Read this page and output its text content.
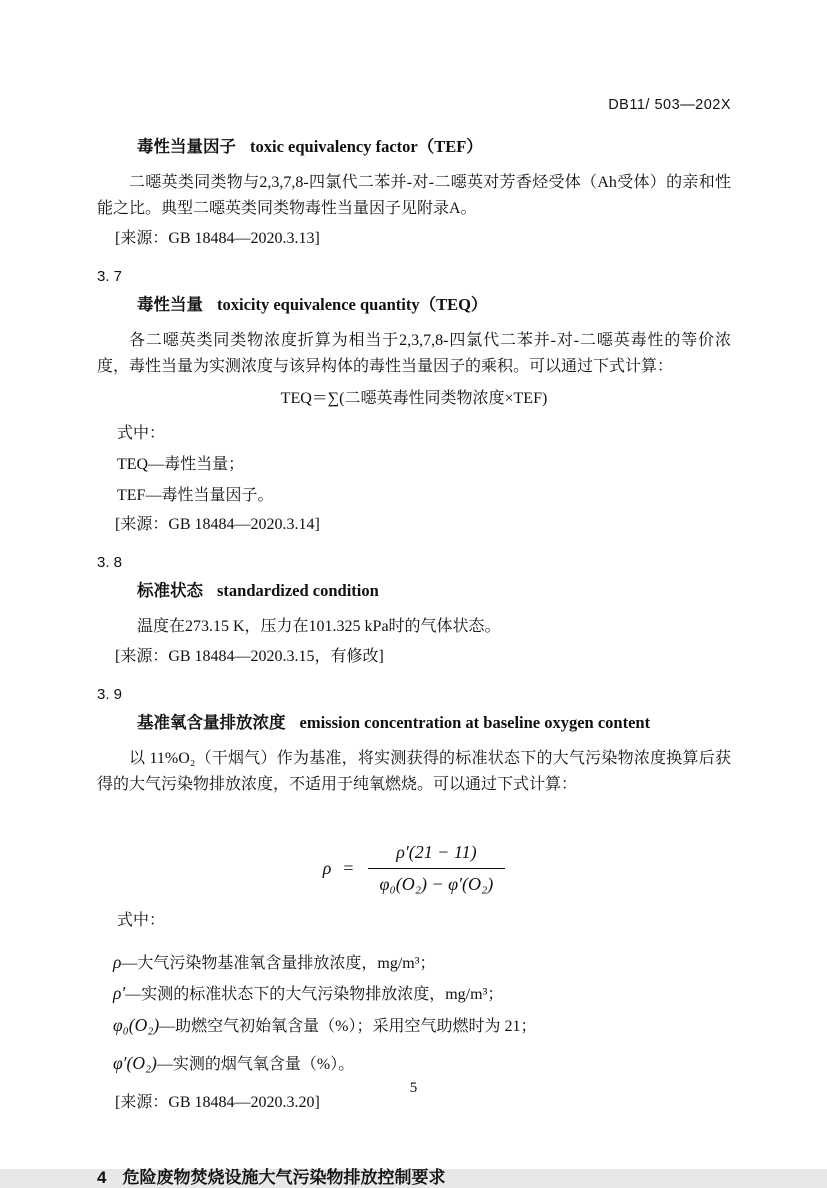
DB11/ 503—202X
毒性当量因子 toxic equivalency factor（TEF）

二噁英类同类物与2,3,7,8-四氯代二苯并-对-二噁英对芳香烃受体（Ah受体）的亲和性能之比。典型二噁英类同类物毒性当量因子见附录A。

[来源：GB 18484—2020.3.13]
3. 7
毒性当量 toxicity equivalence quantity（TEQ）

各二噁英类同类物浓度折算为相当于2,3,7,8-四氯代二苯并-对-二噁英毒性的等价浓度，毒性当量为实测浓度与该异构体的毒性当量因子的乘积。可以通过下式计算：

TEQ＝∑(二噁英毒性同类物浓度×TEF)
式中：
TEQ—毒性当量；
TEF—毒性当量因子。
[来源：GB 18484—2020.3.14]
3. 8
标准状态 standardized condition
温度在273.15 K，压力在101.325 kPa时的气体状态。
[来源：GB 18484—2020.3.15，有修改]
3. 9
基准氧含量排放浓度 emission concentration at baseline oxygen content

以 11%O₂（干烟气）作为基准，将实测获得的标准状态下的大气污染物浓度换算后获得的大气污染物排放浓度，不适用于纯氧燃烧。可以通过下式计算：

$\rho = \frac{\rho'(21 - 11)}{\text{φ₀(O₂) − φ′(O₂)}}$
式中：
ρ —大气污染物基准氧含量排放浓度，mg/m³；
ρ′ —实测的标准状态下的大气污染物排放浓度，mg/m³；
φ₀(O₂) —助燃空气初始氧含量（%）；采用空气助燃时为 21；
φ′(O₂) —实测的烟气氧含量（%）。
[来源：GB 18484—2020.3.20]
4 危险废物焚烧设施大气污染物排放控制要求
5
